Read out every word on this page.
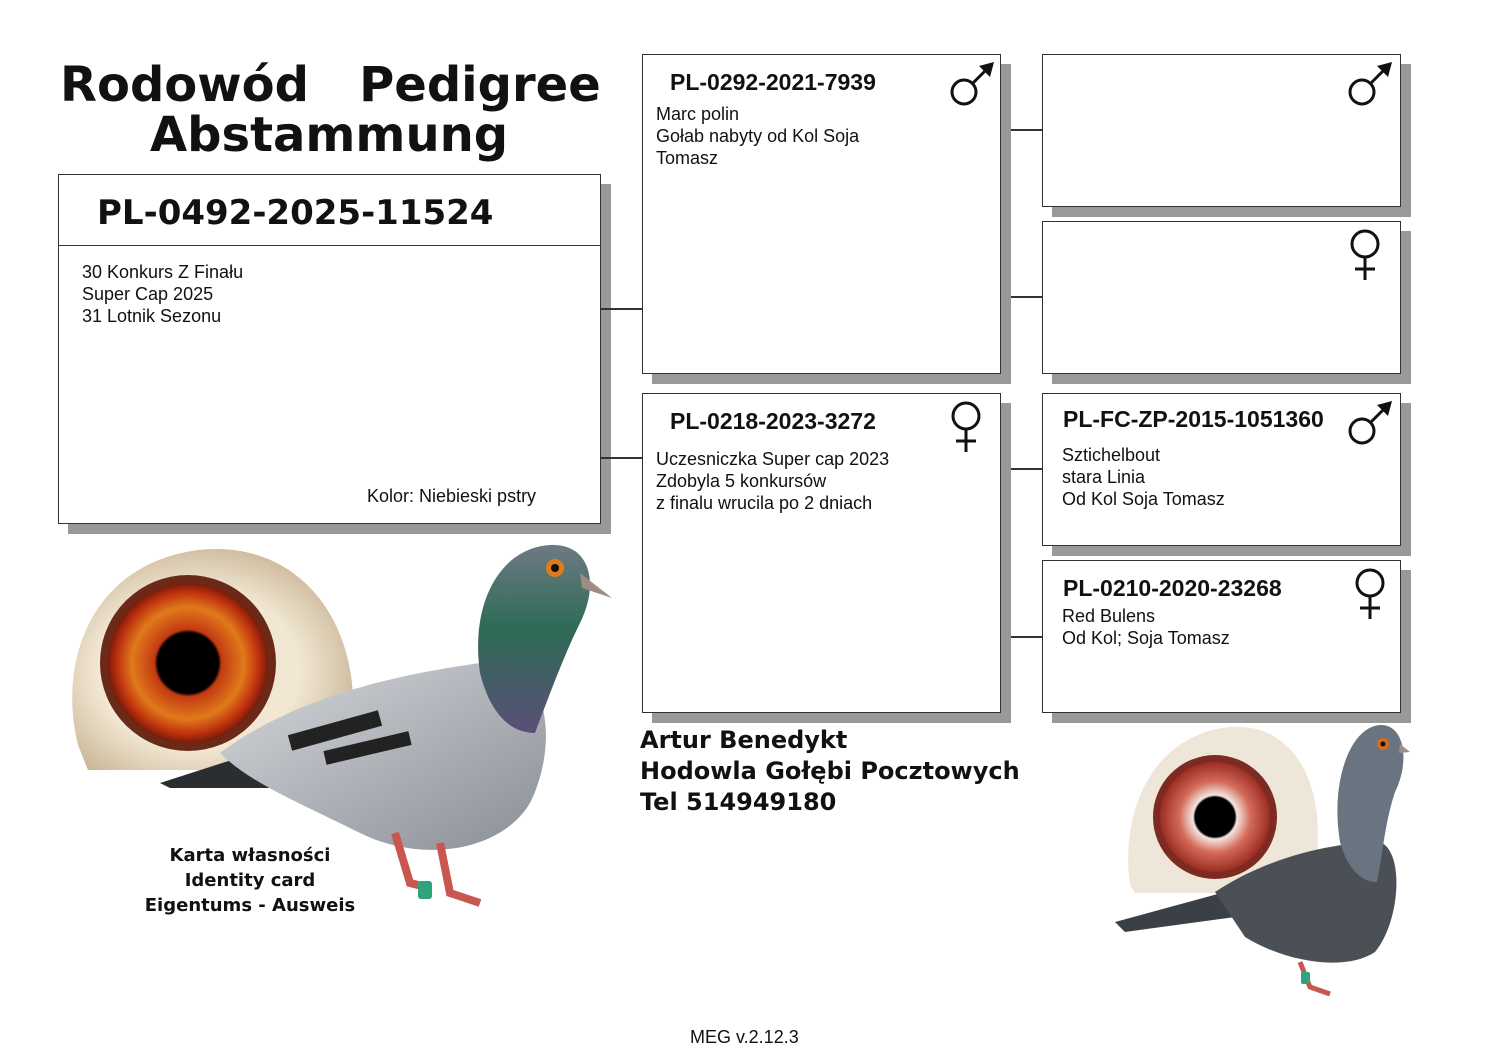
Rodowód   Pedigree
Abstammung
PL-0492-2025-11524
30 Konkurs Z Finału
Super Cap 2025
31 Lotnik Sezonu
Kolor: Niebieski pstry
PL-0292-2021-7939
Marc polin
Gołab nabyty od Kol Soja
Tomasz
PL-0218-2023-3272
Uczesniczka Super cap 2023
Zdobyla 5 konkursów
z finalu wrucila po 2 dniach
PL-FC-ZP-2015-1051360
Sztichelbout
stara Linia
Od Kol Soja Tomasz
PL-0210-2020-23268
Red Bulens
Od Kol; Soja Tomasz
Karta własności
Identity card
Eigentums - Ausweis
Artur Benedykt
Hodowla Gołębi Pocztowych
Tel 514949180
MEG v.2.12.3
